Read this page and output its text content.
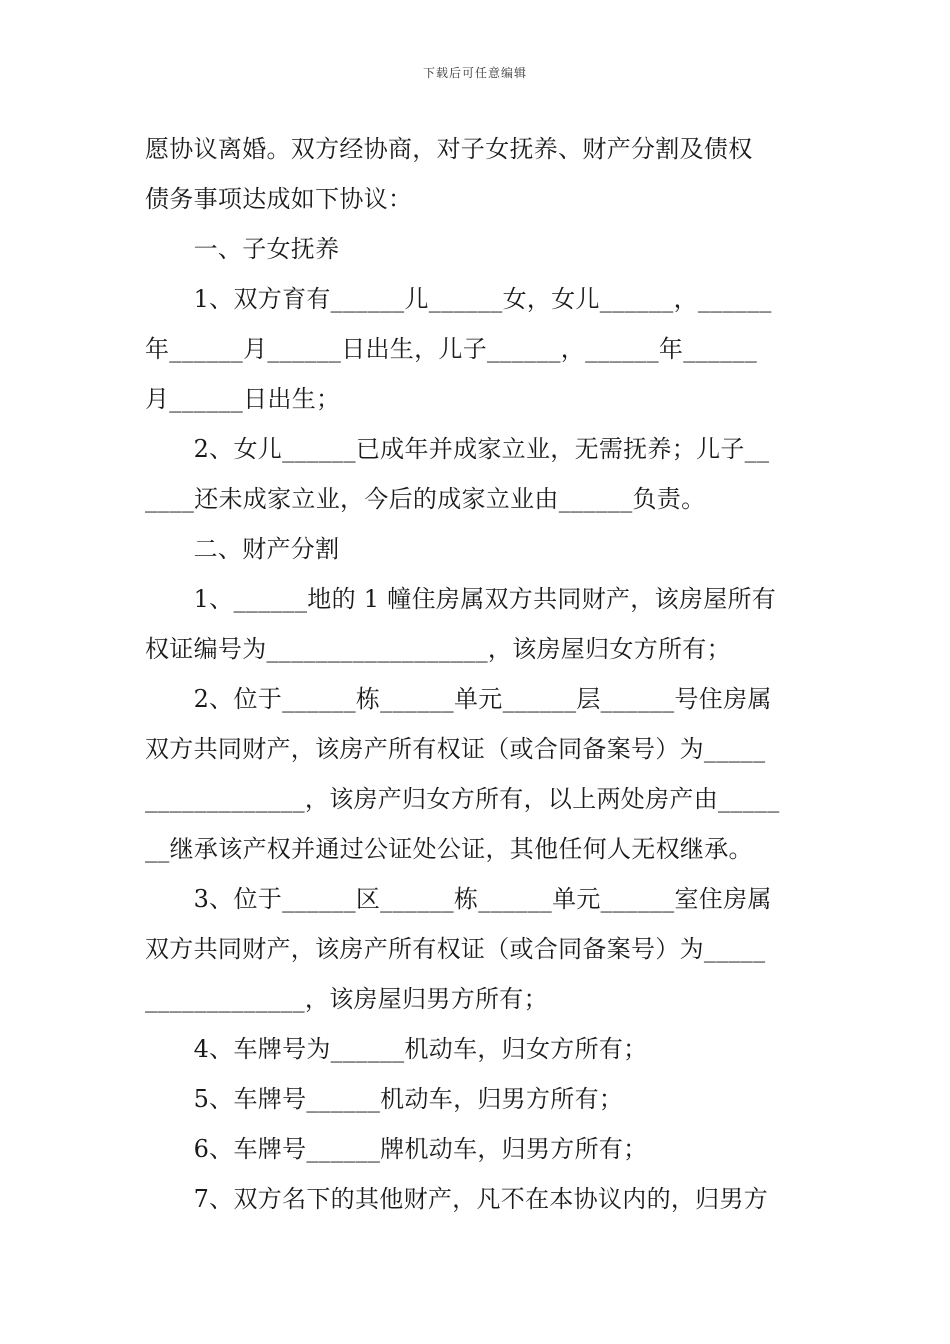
下载后可任意编辑
愿协议离婚。双方经协商，对子女抚养、财产分割及债权
债务事项达成如下协议：
　　一、子女抚养
　　1、双方育有______儿______女，女儿______，______
年______月______日出生，儿子______，______年______
月______日出生；
　　2、女儿______已成年并成家立业，无需抚养；儿子__
____还未成家立业，今后的成家立业由______负责。
　　二、财产分割
　　1、______地的 1 幢住房属双方共同财产，该房屋所有
权证编号为__________________，该房屋归女方所有；
　　2、位于______栋______单元______层______号住房属
双方共同财产，该房产所有权证（或合同备案号）为_____
_____________，该房产归女方所有，以上两处房产由_____
__继承该产权并通过公证处公证，其他任何人无权继承。
　　3、位于______区______栋______单元______室住房属
双方共同财产，该房产所有权证（或合同备案号）为_____
_____________，该房屋归男方所有；
　　4、车牌号为______机动车，归女方所有；
　　5、车牌号______机动车，归男方所有；
　　6、车牌号______牌机动车，归男方所有；
　　7、双方名下的其他财产，凡不在本协议内的，归男方
